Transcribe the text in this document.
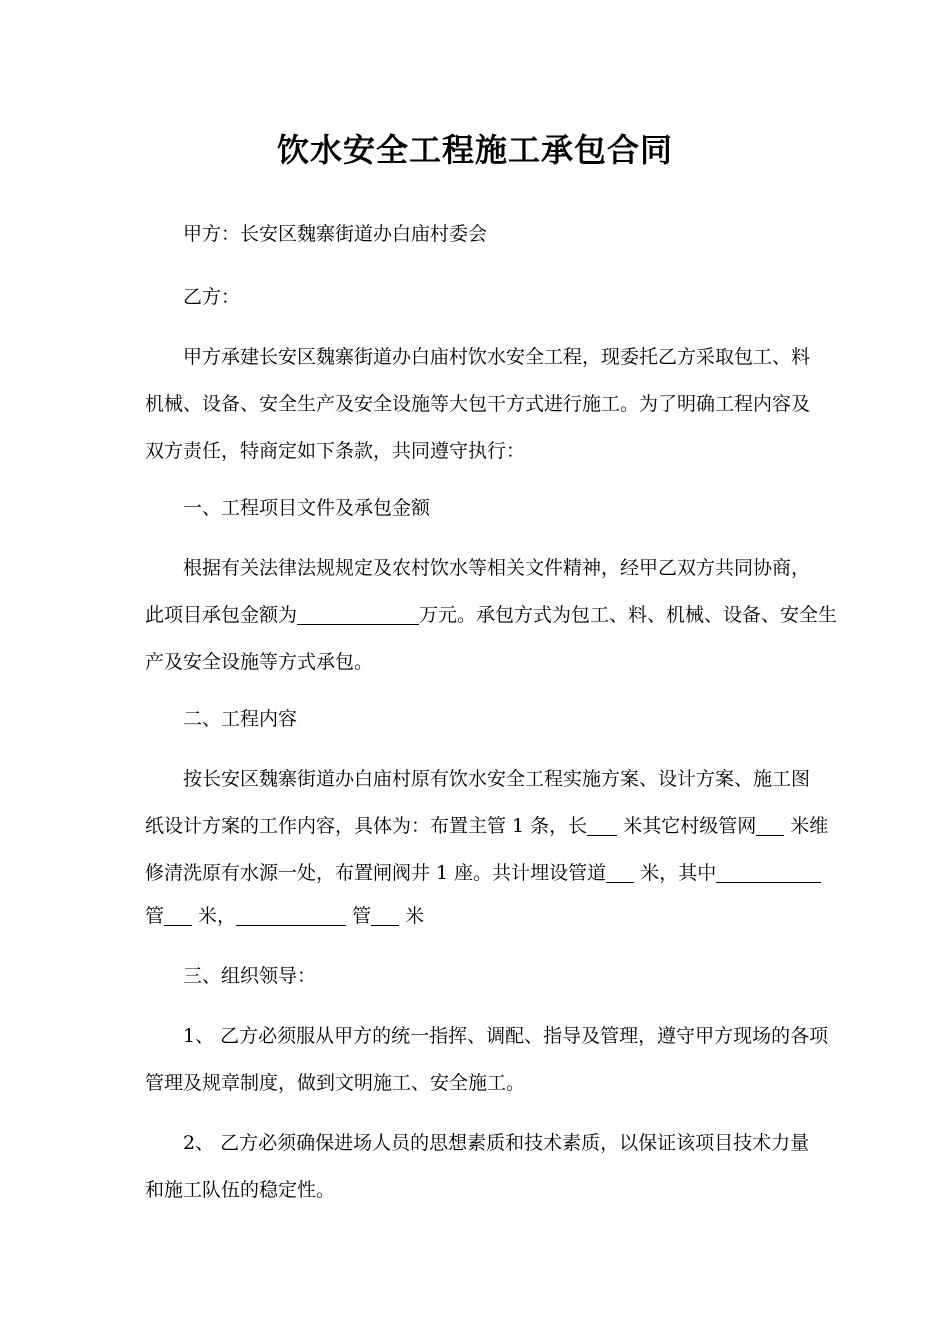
饮水安全工程施工承包合同

甲方：长安区魏寨街道办白庙村委会

乙方：

甲方承建长安区魏寨街道办白庙村饮水安全工程，现委托乙方采取包工、料

机械、设备、安全生产及安全设施等大包干方式进行施工。为了明确工程内容及

双方责任，特商定如下条款，共同遵守执行：

一、工程项目文件及承包金额

根据有关法律法规规定及农村饮水等相关文件精神，经甲乙双方共同协商，

此项目承包金额为	万元。承包方式为包工、料、机械、设备、安全生

产及安全设施等方式承包。

二、工程内容

按长安区魏寨街道办白庙村原有饮水安全工程实施方案、设计方案、施工图

纸设计方案的工作内容，具体为：布置主管 1 条，长 米其它村级管网 米维

修清洗原有水源一处，布置闸阀井 1 座。共计埋设管道 米，其中

管 米，	管 米

三、组织领导：

1、 乙方必须服从甲方的统一指挥、调配、指导及管理，遵守甲方现场的各项

管理及规章制度，做到文明施工、安全施工。

2、 乙方必须确保进场人员的思想素质和技术素质，以保证该项目技术力量

和施工队伍的稳定性。
